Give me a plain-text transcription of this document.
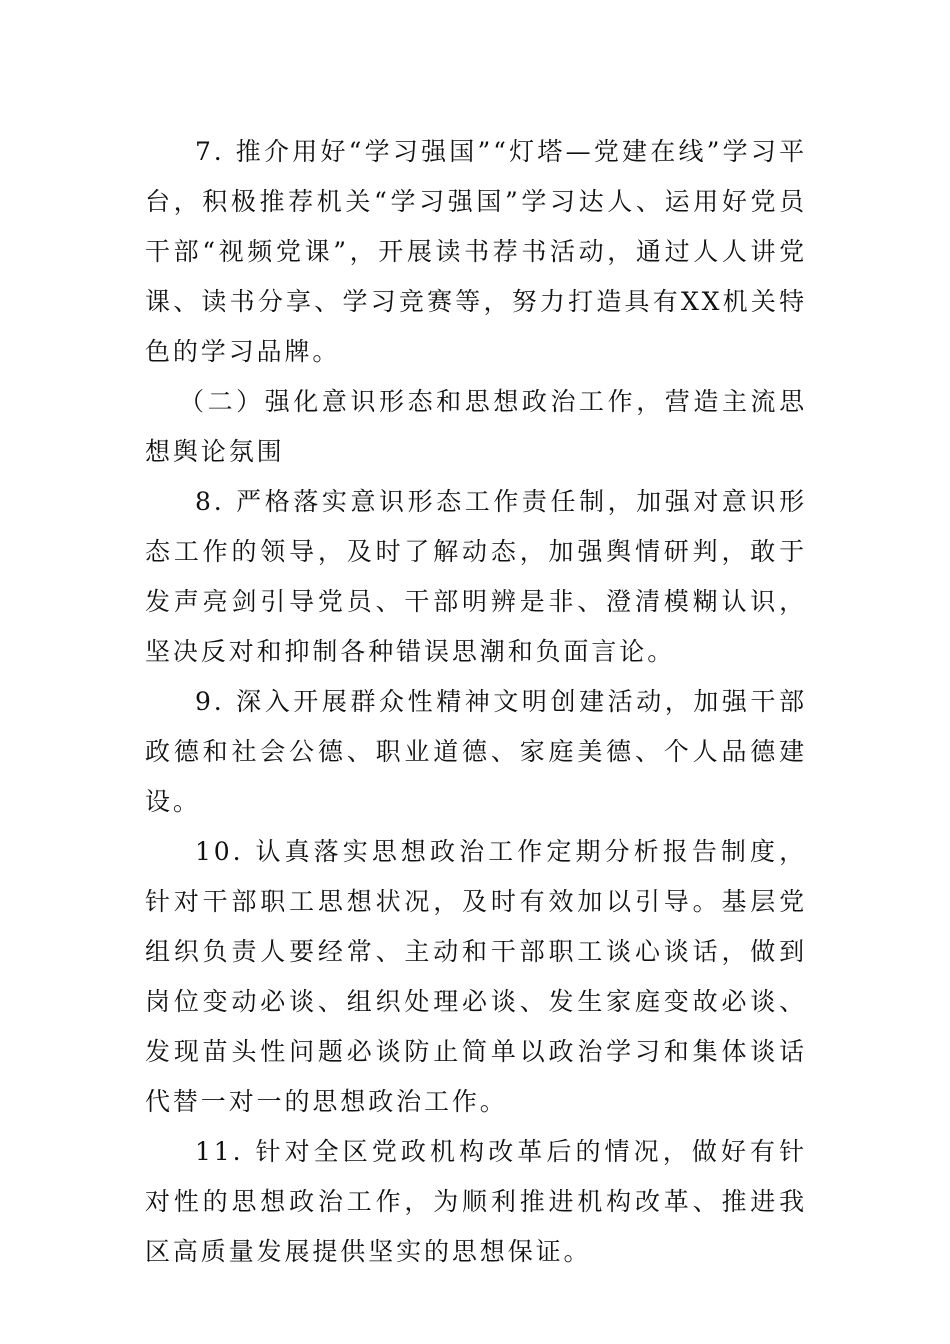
7. 推介用好“学习强国”“灯塔—党建在线”学习平台，积极推荐机关“学习强国”学习达人、运用好党员干部“视频党课”，开展读书荐书活动，通过人人讲党课、读书分享、学习竞赛等，努力打造具有XX机关特色的学习品牌。

（二）强化意识形态和思想政治工作，营造主流思想舆论氛围

8. 严格落实意识形态工作责任制，加强对意识形态工作的领导，及时了解动态，加强舆情研判，敢于发声亮剑引导党员、干部明辨是非、澄清模糊认识，坚决反对和抑制各种错误思潮和负面言论。

9. 深入开展群众性精神文明创建活动，加强干部政德和社会公德、职业道德、家庭美德、个人品德建设。

10. 认真落实思想政治工作定期分析报告制度，针对干部职工思想状况，及时有效加以引导。基层党组织负责人要经常、主动和干部职工谈心谈话，做到岗位变动必谈、组织处理必谈、发生家庭变故必谈、发现苗头性问题必谈防止简单以政治学习和集体谈话代替一对一的思想政治工作。

11. 针对全区党政机构改革后的情况，做好有针对性的思想政治工作，为顺利推进机构改革、推进我区高质量发展提供坚实的思想保证。
